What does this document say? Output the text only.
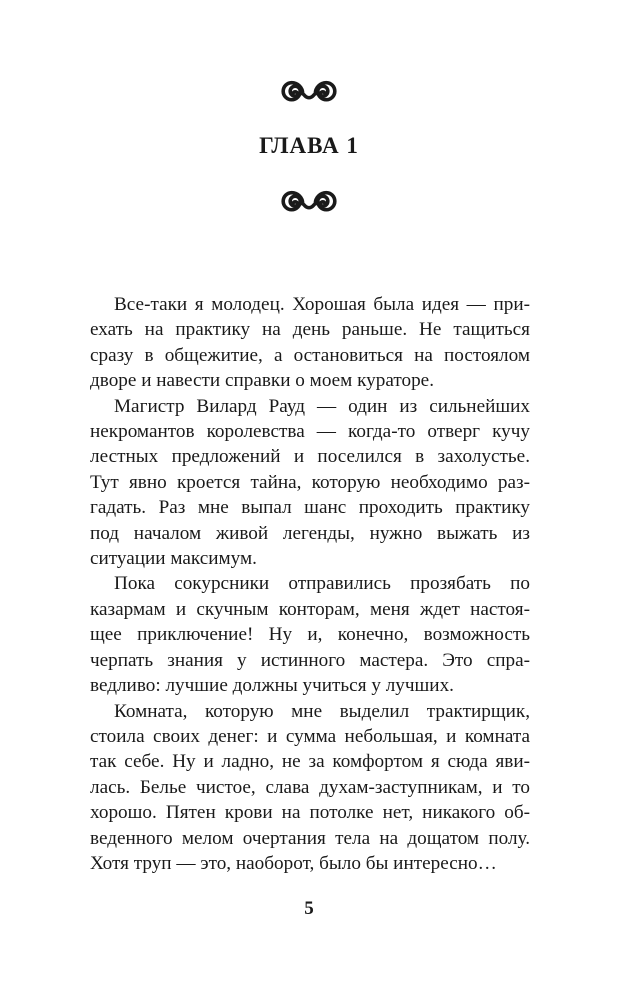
ГЛАВА 1

Все-таки я молодец. Хорошая была идея — при-
ехать на практику на день раньше. Не тащиться
сразу в общежитие, а остановиться на постоялом
дворе и навести справки о моем кураторе.

Магистр Вилард Рауд — один из сильнейших
некромантов королевства — когда-то отверг кучу
лестных предложений и поселился в захолустье.
Тут явно кроется тайна, которую необходимо раз-
гадать. Раз мне выпал шанс проходить практику
под началом живой легенды, нужно выжать из
ситуации максимум.

Пока сокурсники отправились прозябать по
казармам и скучным конторам, меня ждет настоя-
щее приключение! Ну и, конечно, возможность
черпать знания у истинного мастера. Это спра-
ведливо: лучшие должны учиться у лучших.

Комната, которую мне выделил трактирщик,
стоила своих денег: и сумма небольшая, и комната
так себе. Ну и ладно, не за комфортом я сюда яви-
лась. Белье чистое, слава духам-заступникам, и то
хорошо. Пятен крови на потолке нет, никакого об-
веденного мелом очертания тела на дощатом полу.
Хотя труп — это, наоборот, было бы интересно…

5
